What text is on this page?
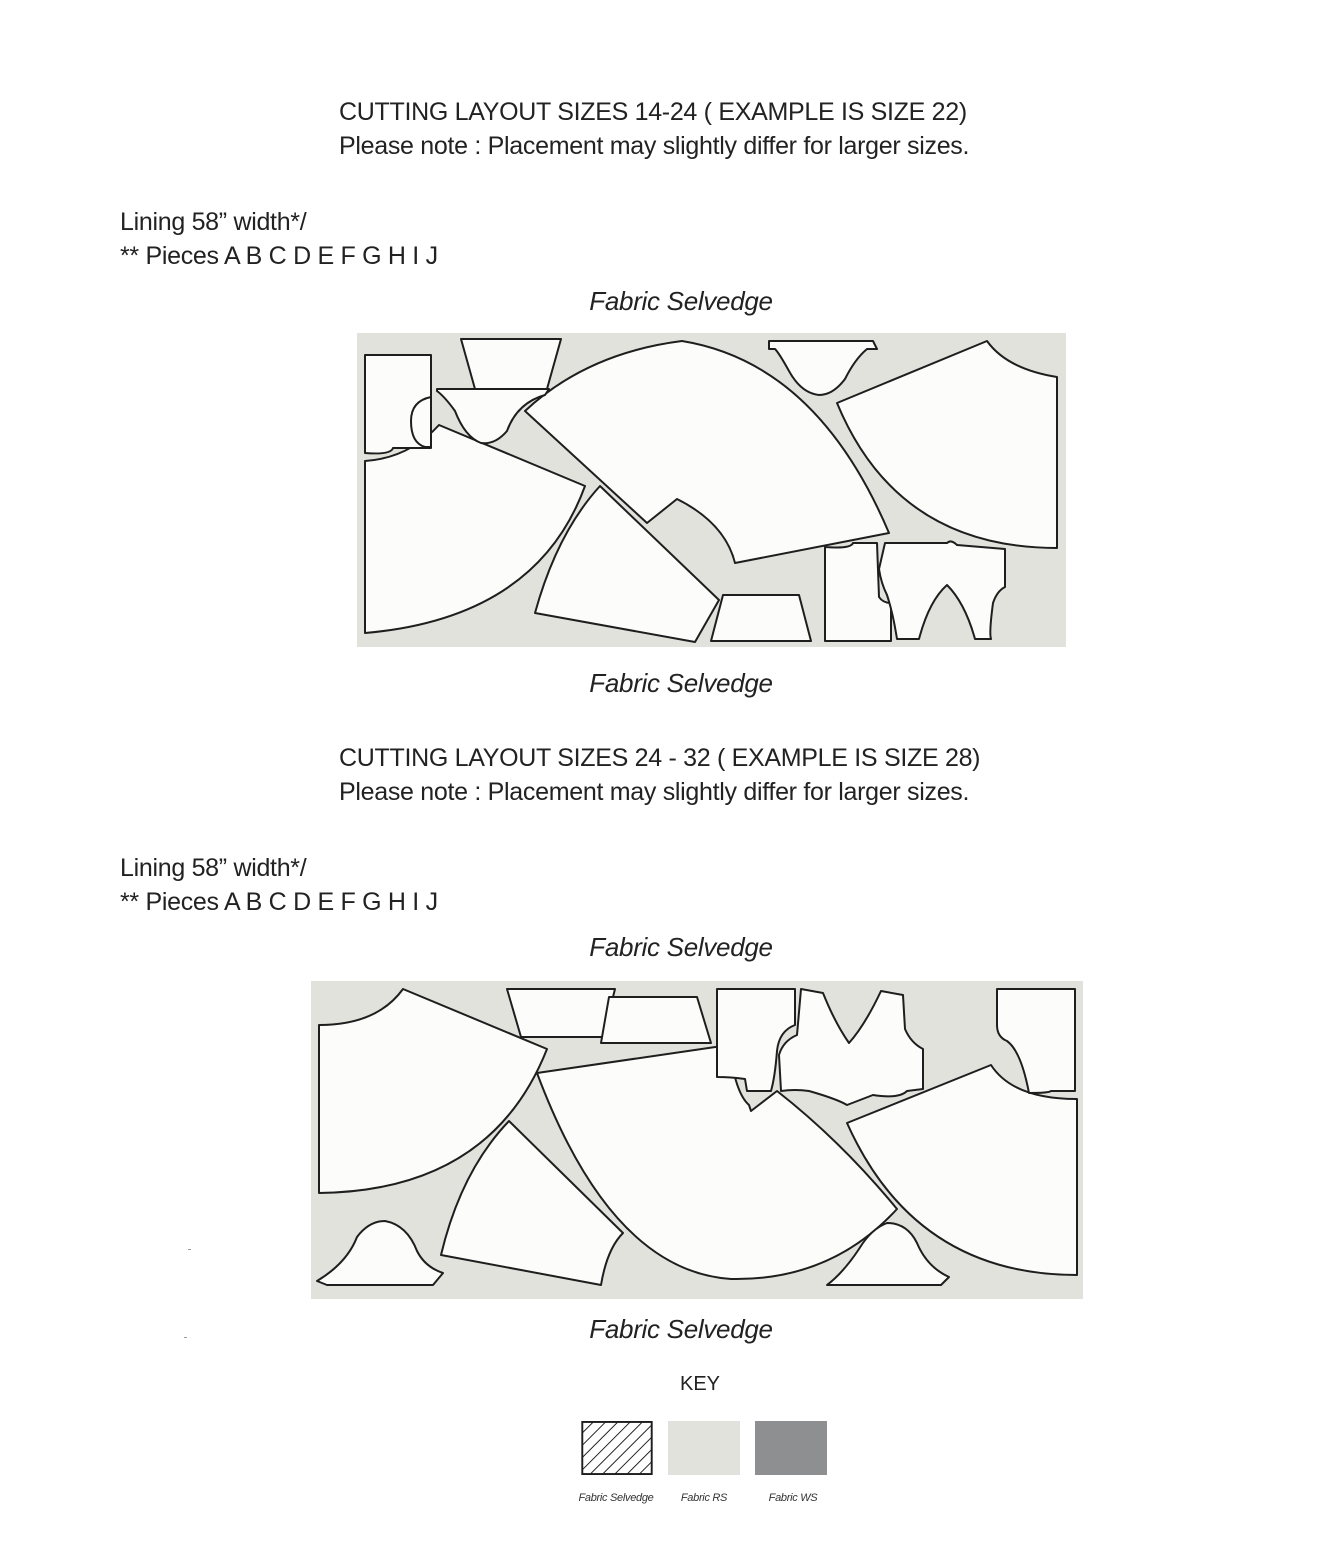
CUTTING LAYOUT SIZES 14-24 ( EXAMPLE IS SIZE 22)

Please note : Placement may slightly differ for larger sizes.

Lining 58” width*/

** Pieces A B C D E F G H I J

Fabric Selvedge

Fabric Selvedge

CUTTING LAYOUT SIZES 24 - 32 ( EXAMPLE IS SIZE 28)

Please note : Placement may slightly differ for larger sizes.

Lining 58” width*/

** Pieces A B C D E F G H I J

Fabric Selvedge

Fabric Selvedge

KEY

Fabric Selvedge	Fabric RS	Fabric WS
